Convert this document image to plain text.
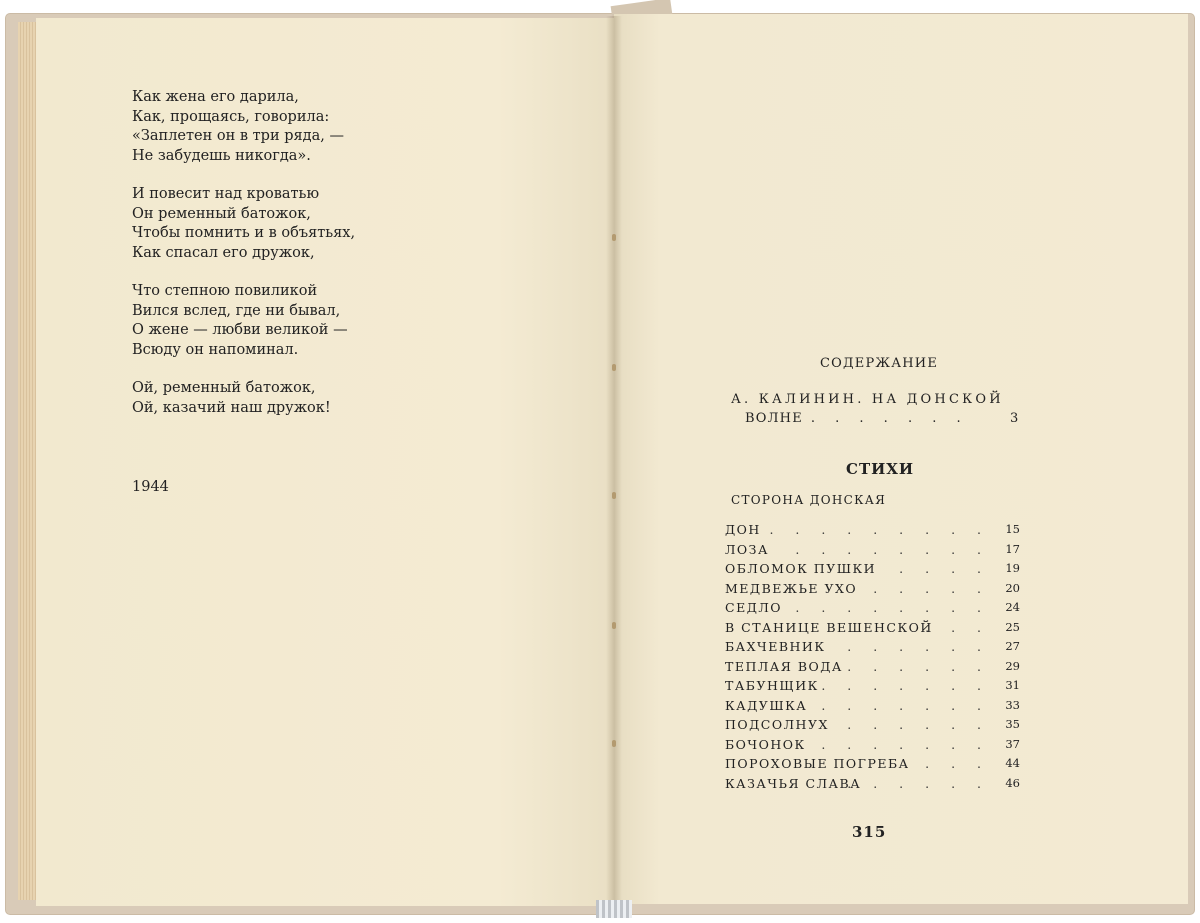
Как жена его дарила,
Как, прощаясь, говорила:
«Заплетен он в три ряда, —
Не забудешь никогда».
И повесит над кроватью
Он ременный батожок,
Чтобы помнить и в объятьях,
Как спасал его дружок,
Что степною повиликой
Вился вслед, где ни бывал,
О жене — любви великой —
Всюду он напоминал.
Ой, ременный батожок,
Ой, казачий наш дружок!
1944
СОДЕРЖАНИЕ
А. КАЛИНИН. НА ДОНСКОЙ
ВОЛНЕ . . . . . . .	3
СТИХИ
СТОРОНА ДОНСКАЯ
ДОН . . . . . . . . . 15
ЛОЗА . . . . . . . . 17
ОБЛОМОК ПУШКИ . . . . 19
МЕДВЕЖЬЕ УХО . . . . . 20
СЕДЛО . . . . . . . . 24
В СТАНИЦЕ ВЕШЕНСКОЙ
. . . 25
БАХЧЕВНИК . . . . . . 27
ТЕПЛАЯ ВОДА . . . . . . 29
ТАБУНЩИК . . . . . . . 31
КАДУШКА . . . . . . . 33
ПОДСОЛНУХ . . . . . . 35
БОЧОНОК . . . . . . . 37
ПОРОХОВЫЕ ПОГРЕБА . . . 44
КАЗАЧЬЯ СЛАВА
. . . . . . 46
315
